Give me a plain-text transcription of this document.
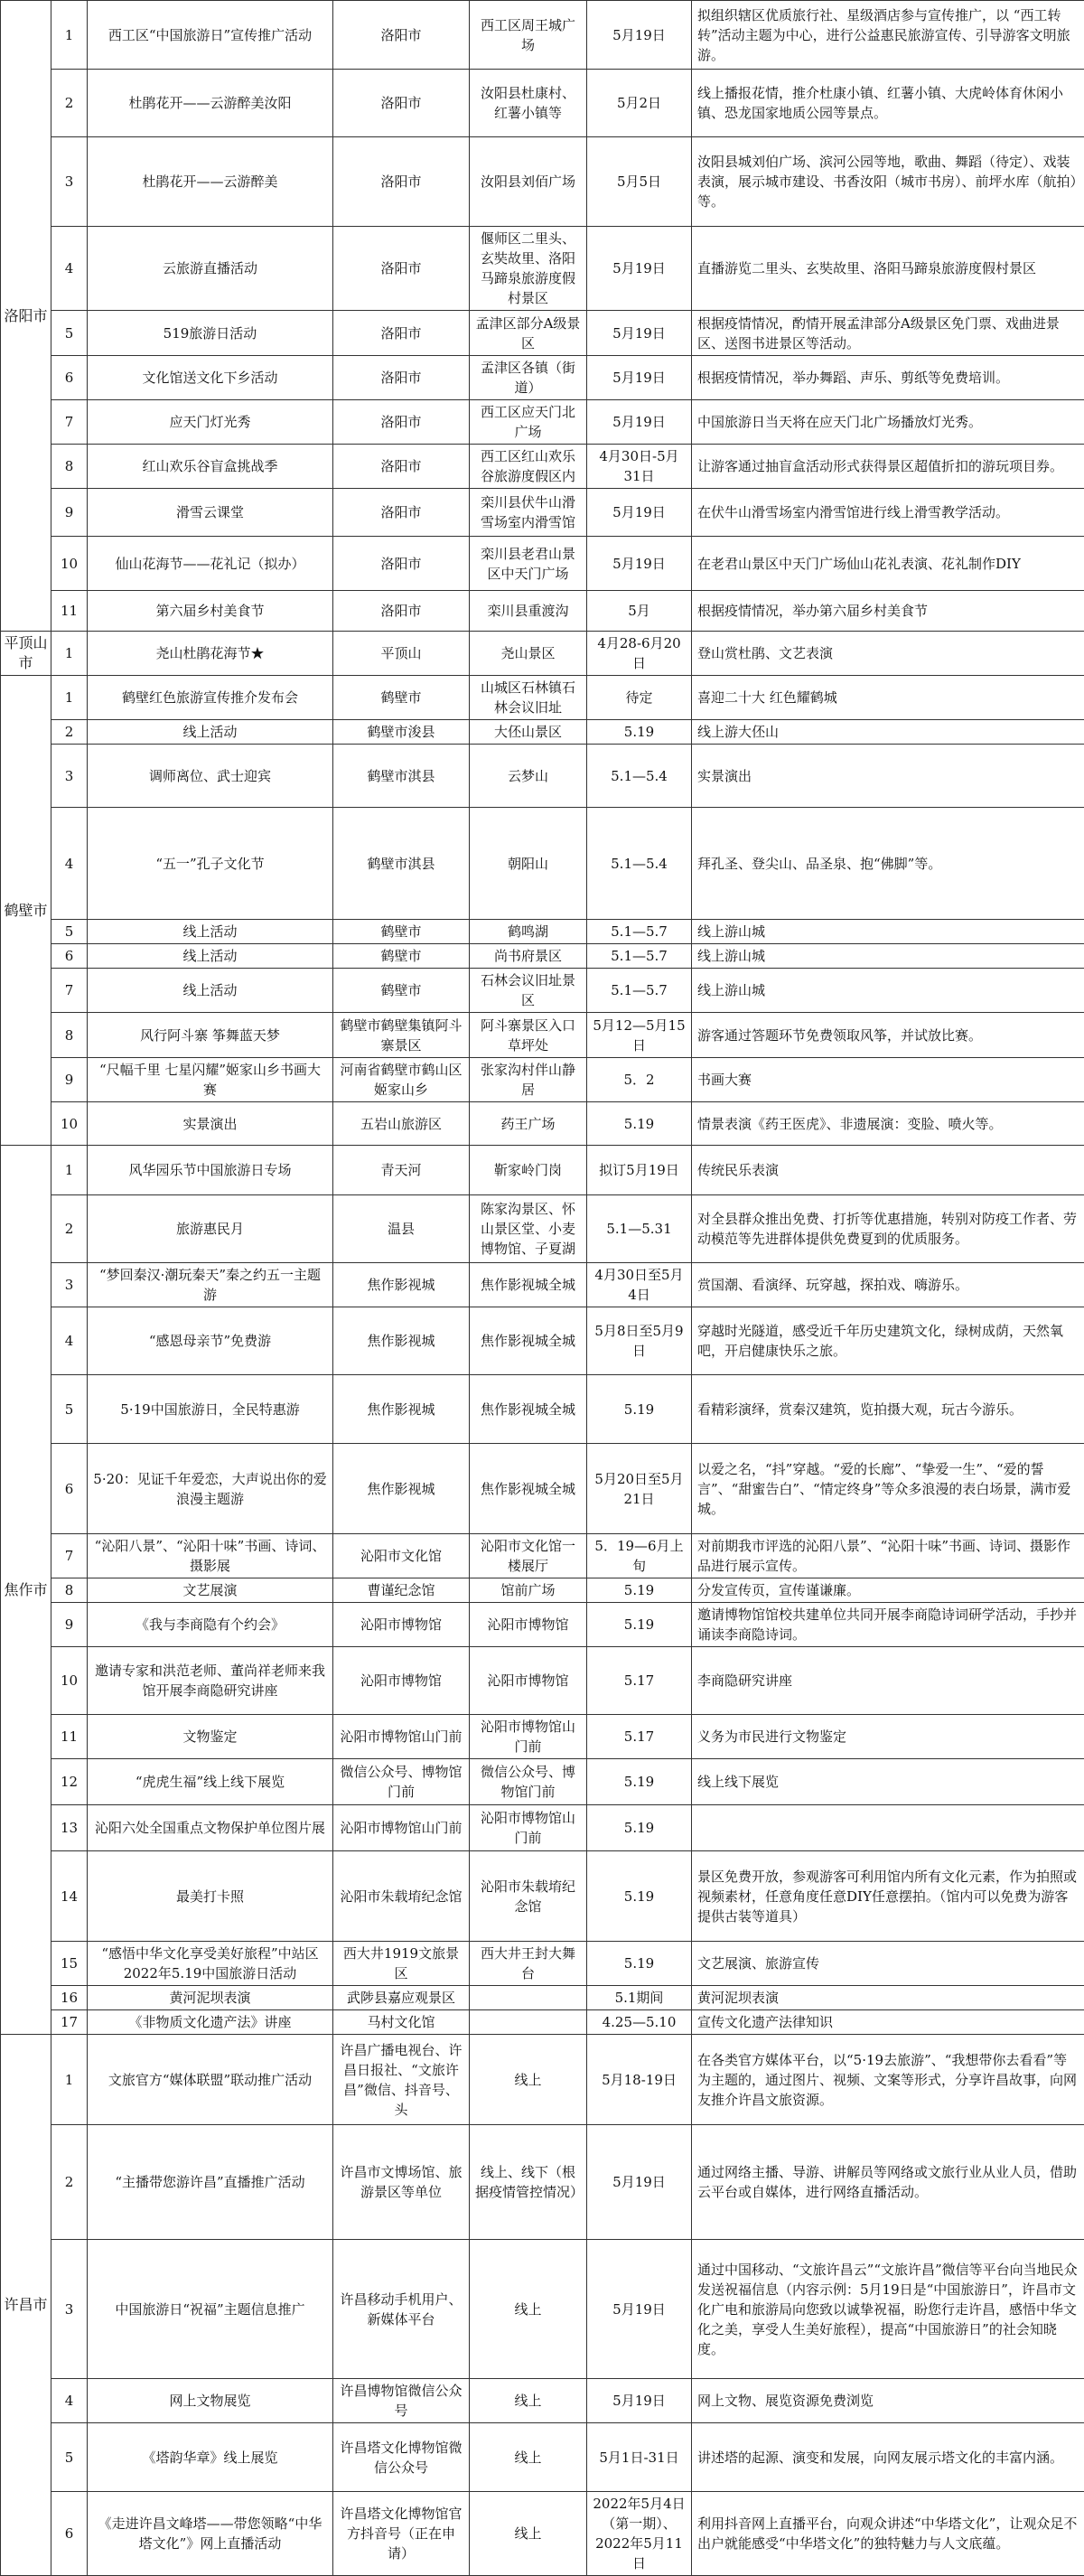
洛阳市	1	西工区“中国旅游日”宣传推广活动	洛阳市	西工区周王城广场	5月19日	拟组织辖区优质旅行社、星级酒店参与宣传推广，以 “西工转转”活动主题为中心，进行公益惠民旅游宣传、引导游客文明旅游。
	2	杜鹃花开——云游醉美汝阳	洛阳市	汝阳县杜康村、红薯小镇等	5月2日	线上播报花情，推介杜康小镇、红薯小镇、大虎岭体育休闲小镇、恐龙国家地质公园等景点。
	3	杜鹃花开——云游醉美	洛阳市	汝阳县刘佰广场	5月5日	汝阳县城刘伯广场、滨河公园等地，歌曲、舞蹈（待定）、戏装表演，展示城市建设、书香汝阳（城市书房）、前坪水库（航拍）等。
	4	云旅游直播活动	洛阳市	偃师区二里头、玄奘故里、洛阳马蹄泉旅游度假村景区	5月19日	直播游览二里头、玄奘故里、洛阳马蹄泉旅游度假村景区
	5	519旅游日活动	洛阳市	孟津区部分A级景区	5月19日	根据疫情情况，酌情开展孟津部分A级景区免门票、戏曲进景区、送图书进景区等活动。
	6	文化馆送文化下乡活动	洛阳市	孟津区各镇（街道）	5月19日	根据疫情情况，举办舞蹈、声乐、剪纸等免费培训。
	7	应天门灯光秀	洛阳市	西工区应天门北广场	5月19日	中国旅游日当天将在应天门北广场播放灯光秀。
	8	红山欢乐谷盲盒挑战季	洛阳市	西工区红山欢乐谷旅游度假区内	4月30日-5月31日	让游客通过抽盲盒活动形式获得景区超值折扣的游玩项目券。
	9	滑雪云课堂	洛阳市	栾川县伏牛山滑雪场室内滑雪馆	5月19日	在伏牛山滑雪场室内滑雪馆进行线上滑雪教学活动。
	10	仙山花海节——花礼记（拟办）	洛阳市	栾川县老君山景区中天门广场	5月19日	在老君山景区中天门广场仙山花礼表演、花礼制作DIY
	11	第六届乡村美食节	洛阳市	栾川县重渡沟	5月	根据疫情情况，举办第六届乡村美食节
平顶山市	1	尧山杜鹃花海节★	平顶山	尧山景区	4月28-6月20日	登山赏杜鹃、文艺表演
鹤壁市	1	鹤壁红色旅游宣传推介发布会	鹤壁市	山城区石林镇石林会议旧址	待定	喜迎二十大 红色耀鹤城
	2	线上活动	鹤壁市浚县	大伾山景区	5.19	线上游大伾山
	3	调师离位、武士迎宾	鹤壁市淇县	云梦山	5.1—5.4	实景演出
	4	“五一”孔子文化节	鹤壁市淇县	朝阳山	5.1—5.4	拜孔圣、登尖山、品圣泉、抱“佛脚”等。
	5	线上活动	鹤壁市	鹤鸣湖	5.1—5.7	线上游山城
	6	线上活动	鹤壁市	尚书府景区	5.1—5.7	线上游山城
	7	线上活动	鹤壁市	石林会议旧址景区	5.1—5.7	线上游山城
	8	风行阿斗寨 筝舞蓝天梦	鹤壁市鹤壁集镇阿斗寨景区	阿斗寨景区入口草坪处	5月12—5月15日	游客通过答题环节免费领取风筝，并试放比赛。
	9	“尺幅千里 七星闪耀”姬家山乡书画大赛	河南省鹤壁市鹤山区姬家山乡	张家沟村伴山静居	5．2	书画大赛
	10	实景演出	五岩山旅游区	药王广场	5.19	情景表演《药王医虎》、非遗展演：变脸、喷火等。
焦作市	1	风华园乐节中国旅游日专场	青天河	靳家岭门岗	拟订5月19日	传统民乐表演
	2	旅游惠民月	温县	陈家沟景区、怀山景区堂、小麦博物馆、子夏湖	5.1—5.31	对全县群众推出免费、打折等优惠措施，转别对防疫工作者、劳动模范等先进群体提供免费夏到的优质服务。
	3	“梦回秦汉·潮玩秦天”秦之约五一主题游	焦作影视城	焦作影视城全城	4月30日至5月4日	赏国潮、看演绎、玩穿越，探拍戏、嗨游乐。
	4	“感恩母亲节”免费游	焦作影视城	焦作影视城全城	5月8日至5月9日	穿越时光隧道，感受近千年历史建筑文化，绿树成荫，天然氧吧，开启健康快乐之旅。
	5	5·19中国旅游日，全民特惠游	焦作影视城	焦作影视城全城	5.19	看精彩演绎，赏秦汉建筑，览拍摄大观，玩古今游乐。
	6	5·20：见证千年爱恋，大声说出你的爱浪漫主题游	焦作影视城	焦作影视城全城	5月20日至5月21日	以爱之名，“抖”穿越。“爱的长廊”、“挚爱一生”、“爱的誓言”、“甜蜜告白”、“情定终身”等众多浪漫的表白场景，满市爱城。
	7	“沁阳八景”、“沁阳十味”书画、诗词、摄影展	沁阳市文化馆	沁阳市文化馆一楼展厅	5．19—6月上旬	对前期我市评选的沁阳八景”、“沁阳十味”书画、诗词、摄影作品进行展示宣传。
	8	文艺展演	曹谨纪念馆	馆前广场	5.19	分发宣传页，宣传谨谦廉。
	9	《我与李商隐有个约会》	沁阳市博物馆	沁阳市博物馆	5.19	邀请博物馆馆校共建单位共同开展李商隐诗词研学活动，手抄并诵读李商隐诗词。
	10	邀请专家和洪范老师、董尚祥老师来我馆开展李商隐研究讲座	沁阳市博物馆	沁阳市博物馆	5.17	李商隐研究讲座
	11	文物鉴定	沁阳市博物馆山门前	沁阳市博物馆山门前	5.17	义务为市民进行文物鉴定
	12	“虎虎生福”线上线下展览	微信公众号、博物馆门前	微信公众号、博物馆门前	5.19	线上线下展览
	13	沁阳六处全国重点文物保护单位图片展	沁阳市博物馆山门前	沁阳市博物馆山门前	5.19	
	14	最美打卡照	沁阳市朱载堉纪念馆	沁阳市朱载堉纪念馆	5.19	景区免费开放，参观游客可利用馆内所有文化元素，作为拍照或视频素材，任意角度任意DIY任意摆拍。（馆内可以免费为游客提供古装等道具）
	15	“感悟中华文化享受美好旅程”中站区2022年5.19中国旅游日活动	西大井1919文旅景区	西大井王封大舞台	5.19	文艺展演、旅游宣传
	16	黄河泥坝表演	武陟县嘉应观景区		5.1期间	黄河泥坝表演
	17	《非物质文化遗产法》讲座	马村文化馆		4.25—5.10	宣传文化遗产法律知识
许昌市	1	文旅官方“媒体联盟”联动推广活动	许昌广播电视台、许昌日报社、“文旅许昌”微信、抖音号、头	线上	5月18-19日	在各类官方媒体平台，以“5·19去旅游”、“我想带你去看看”等为主题的，通过图片、视频、文案等形式，分享许昌故事，向网友推介许昌文旅资源。
	2	“主播带您游许昌”直播推广活动	许昌市文博场馆、旅游景区等单位	线上、线下（根据疫情管控情况）	5月19日	通过网络主播、导游、讲解员等网络或文旅行业从业人员，借助云平台或自媒体，进行网络直播活动。
	3	中国旅游日“祝福”主题信息推广	许昌移动手机用户、新媒体平台	线上	5月19日	通过中国移动、“文旅许昌云”“文旅许昌”微信等平台向当地民众发送祝福信息（内容示例：5月19日是“中国旅游日”，许昌市文化广电和旅游局向您致以诚挚祝福，盼您行走许昌，感悟中华文化之美，享受人生美好旅程），提高“中国旅游日”的社会知晓度。
	4	网上文物展览	许昌博物馆微信公众号	线上	5月19日	网上文物、展览资源免费浏览
	5	《塔韵华章》线上展览	许昌塔文化博物馆微信公众号	线上	5月1日-31日	讲述塔的起源、演变和发展，向网友展示塔文化的丰富内涵。
	6	《走进许昌文峰塔——带您领略“中华塔文化”》网上直播活动	许昌塔文化博物馆官方抖音号（正在申请）	线上	2022年5月4日（第一期）、2022年5月11日	利用抖音网上直播平台，向观众讲述“中华塔文化”，让观众足不出户就能感受“中华塔文化”的独特魅力与人文底蕴。
